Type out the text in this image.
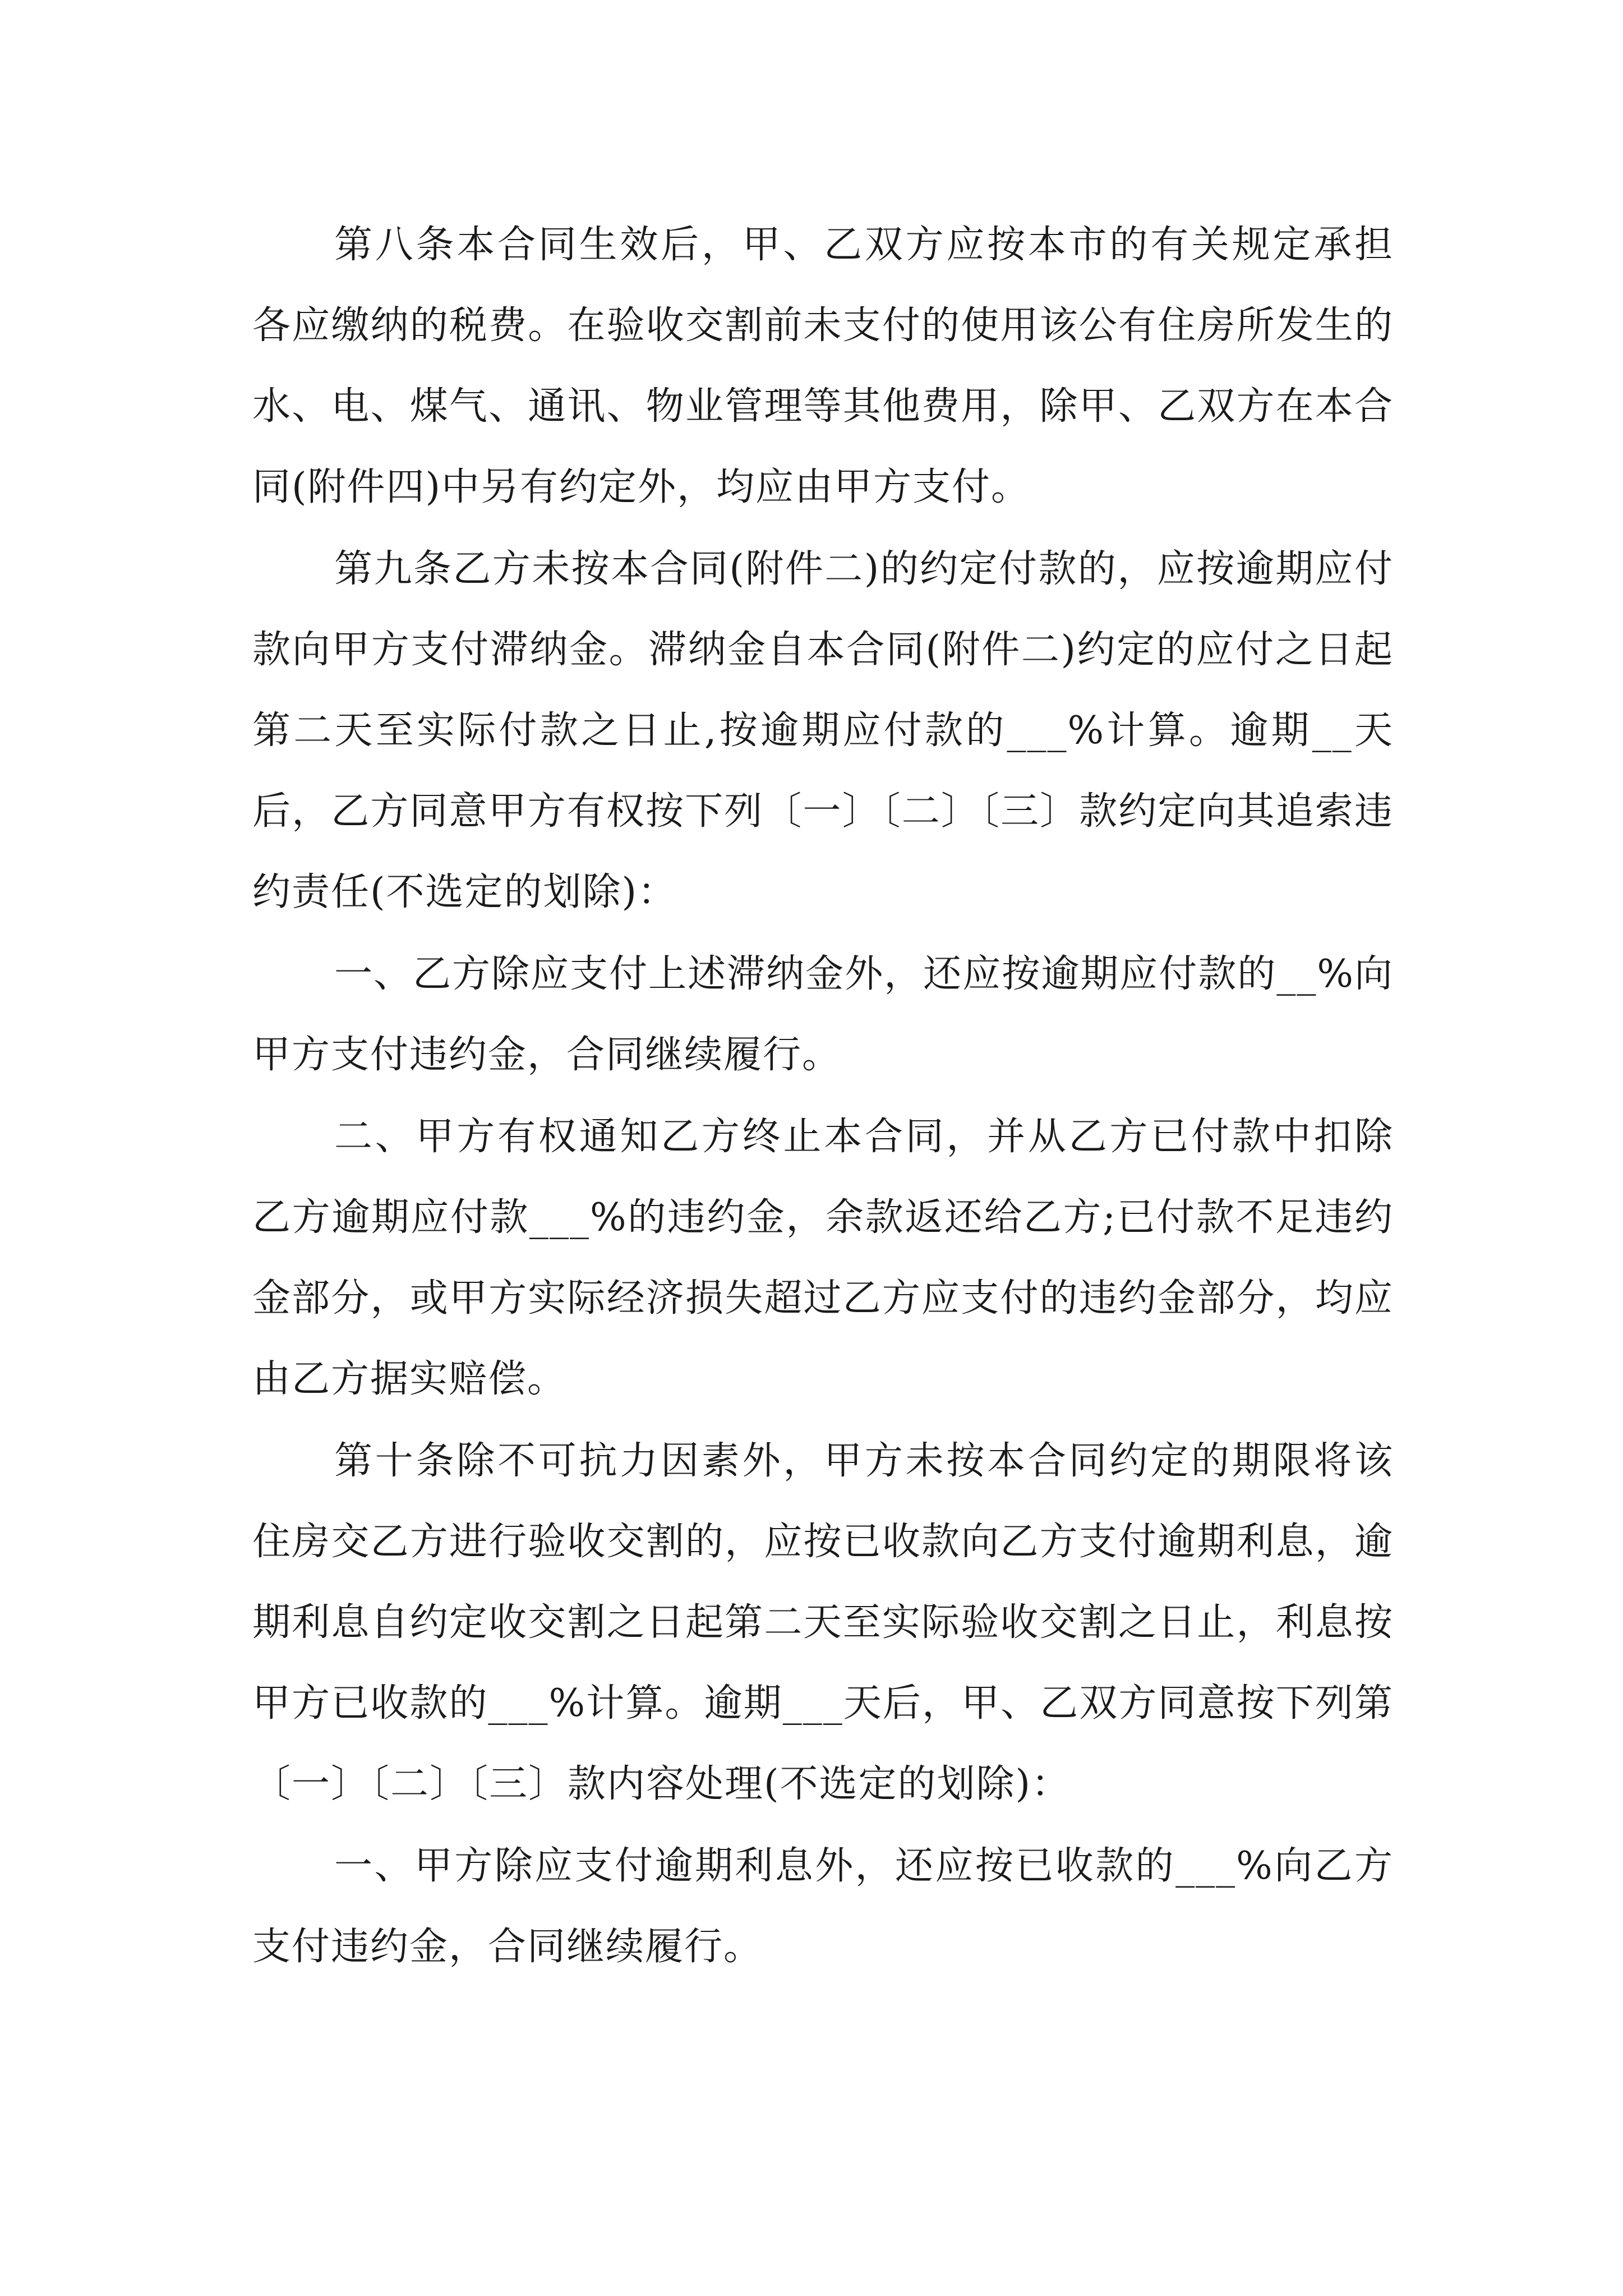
第八条本合同生效后，甲、乙双方应按本市的有关规定承担各应缴纳的税费。在验收交割前未支付的使用该公有住房所发生的水、电、煤气、通讯、物业管理等其他费用，除甲、乙双方在本合同(附件四)中另有约定外，均应由甲方支付。

第九条乙方未按本合同(附件二)的约定付款的，应按逾期应付款向甲方支付滞纳金。滞纳金自本合同(附件二)约定的应付之日起第二天至实际付款之日止,按逾期应付款的___%计算。逾期__天后，乙方同意甲方有权按下列〔一〕〔二〕〔三〕款约定向其追索违约责任(不选定的划除)：

一、乙方除应支付上述滞纳金外，还应按逾期应付款的__%向甲方支付违约金，合同继续履行。

二、甲方有权通知乙方终止本合同，并从乙方已付款中扣除乙方逾期应付款___%的违约金，余款返还给乙方;已付款不足违约金部分，或甲方实际经济损失超过乙方应支付的违约金部分，均应由乙方据实赔偿。

第十条除不可抗力因素外，甲方未按本合同约定的期限将该住房交乙方进行验收交割的，应按已收款向乙方支付逾期利息，逾期利息自约定收交割之日起第二天至实际验收交割之日止，利息按甲方已收款的___%计算。逾期___天后，甲、乙双方同意按下列第〔一〕〔二〕〔三〕款内容处理(不选定的划除)：

一、甲方除应支付逾期利息外，还应按已收款的___%向乙方支付违约金，合同继续履行。
